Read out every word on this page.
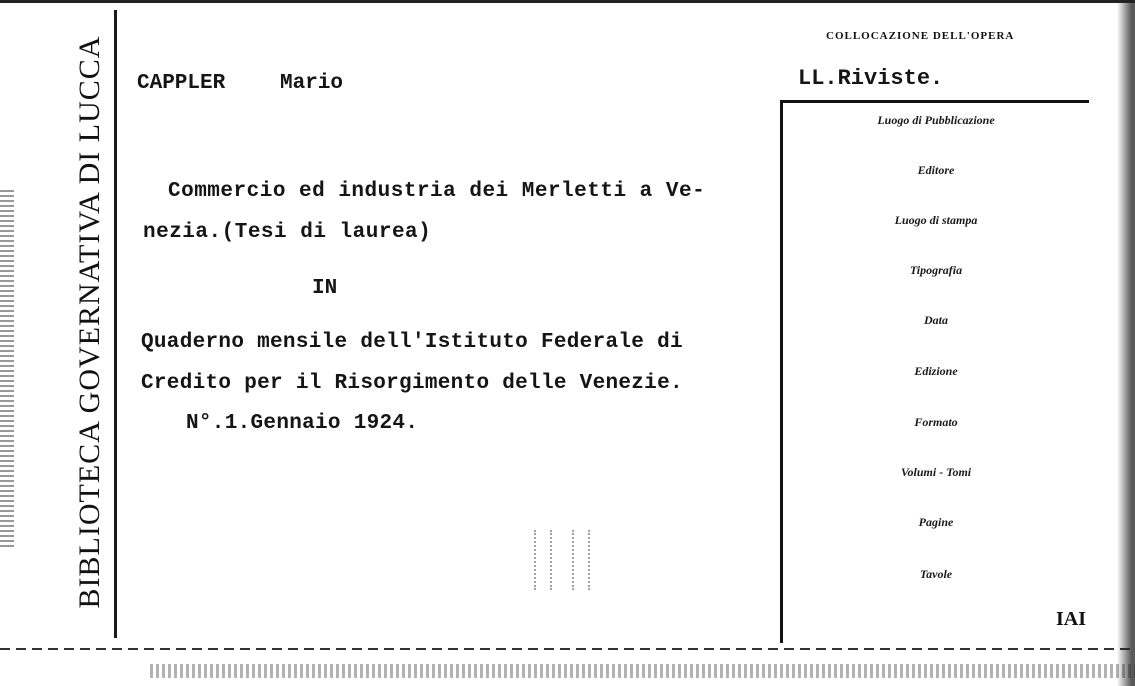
BIBLIOTECA GOVERNATIVA DI LUCCA	COLLOCAZIONE DELL'OPERA
LL.Riviste.
CAPPLER	Mario
Commercio ed industria dei Merletti a Ve-
nezia.(Tesi di laurea)
IN
Quaderno mensile dell'Istituto Federale di
Credito per il Risorgimento delle Venezie.
N°.1.Gennaio 1924.
Luogo di Pubblicazione
Editore
Luogo di stampa
Tipografia
Data
Edizione
Formato
Volumi - Tomi
Pagine
Tavole
IAI
